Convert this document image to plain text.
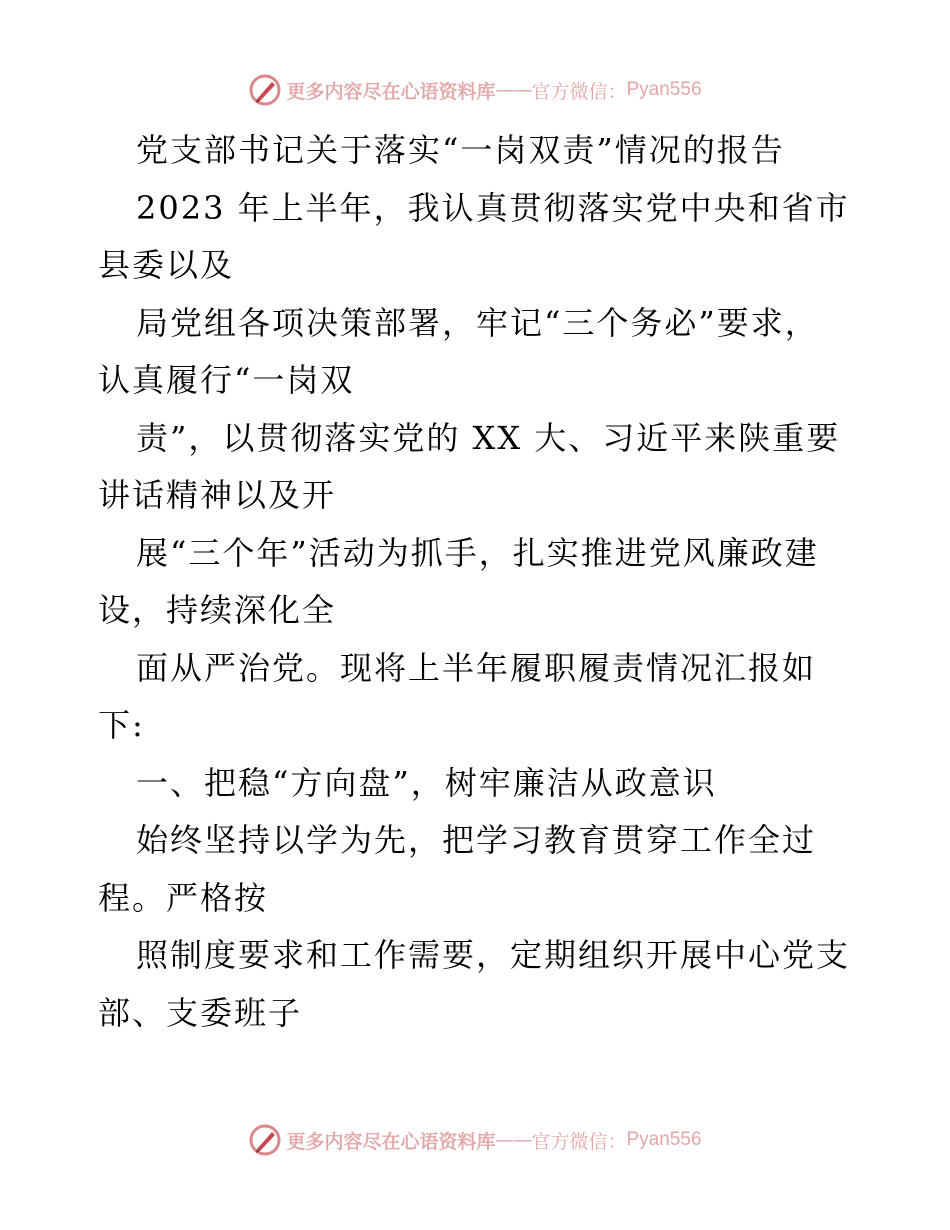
更多内容尽在心语资料库 —— 官方微信： Pyan556
党支部书记关于落实“一岗双责”情况的报告
2023 年上半年，我认真贯彻落实党中央和省市
县委以及
局党组各项决策部署，牢记“三个务必”要求，
认真履行“一岗双
责”，以贯彻落实党的 XX 大、习近平来陕重要
讲话精神以及开
展“三个年”活动为抓手，扎实推进党风廉政建
设，持续深化全
面从严治党。现将上半年履职履责情况汇报如
下:
一、把稳“方向盘”，树牢廉洁从政意识
始终坚持以学为先，把学习教育贯穿工作全过
程。严格按
照制度要求和工作需要，定期组织开展中心党支
部、支委班子
更多内容尽在心语资料库 —— 官方微信： Pyan556
